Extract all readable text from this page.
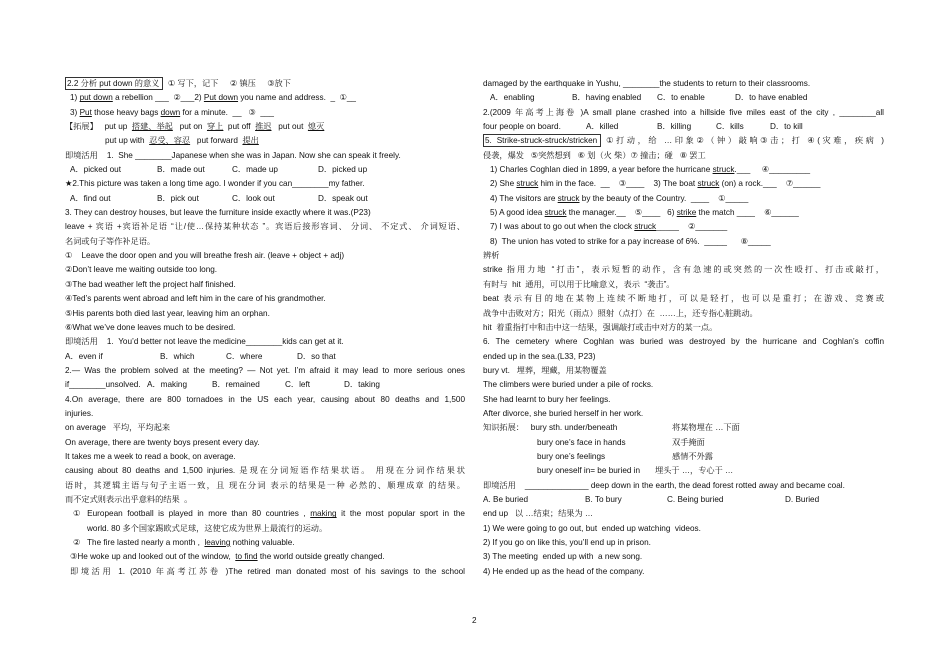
2.2 分析 put down 的意义  ① 写下，记下     ② 镇压     ③放下
1) put down a rebellion ___  ②___2) Put down you name and address.  _  ①__
3) Put those heavy bags down for a minute.  __   ③  ___
【拓展】   put up  搭建、举起   put on  穿上  put off  推迟   put out  熄灭
put up with  忍受、容忍   put forward  提出
即境活用    1.  She ________Japanese when she was in Japan. Now she can speak it freely.
A．picked out	B．made out	C．made up	D．picked up
★2.This picture was taken a long time ago. I wonder if you can________my father.
A．find out	B．pick out	C．look out	D．speak out
3. They can destroy houses, but leave the furniture inside exactly where it was.(P23)
leave + 宾语 +宾语补足语 “让/使…保持某种状态 ”。宾语后接形容词、 分词、 不定式、 介词短语、
名词或句子等作补足语。
①    Leave the door open and you will breathe fresh air. (leave + object + adj)
②Don’t leave me waiting outside too long.
③The bad weather left the project half finished.
④Ted’s parents went abroad and left him in the care of his grandmother.
⑤His parents both died last year, leaving him an orphan.
⑥What we’ve done leaves much to be desired.
即境活用    1.  You’d better not leave the medicine________kids can get at it.
A．even if	B．which	C．where	D．so that
2.— Was the problem solved at the meeting? — Not yet. I’m afraid it may lead to more serious ones
if________unsolved. A．making	B．remained	C．left	D．taking
4.On average, there are 800 tornadoes in the US each year, causing about 80 deaths and 1,500
injuries.
on average   平均，平均起来
On average, there are twenty boys present every day.
It takes me a week to read a book, on average.
causing about 80 deaths and 1,500 injuries. 是现在分词短语作结果状语。 用现在分词作结果状
语时，其逻辑主语与句子主语一致，且 现在分词 表示的结果是一种 必然的、顺理成章 的结果。
而不定式则表示出乎意料的结果  。
① European football is played in more than 80 countries , making it the most popular sport in the
world. 80 多个国家踢欧式足球，这使它成为世界上最流行的运动。
②   The fire lasted nearly a month ,  leaving nothing valuable.
③He woke up and looked out of the window,  to find the world outside greatly changed.
即境活用 1. (2010 年高考江苏卷 )The retired man donated most of his savings to the school
damaged by the earthquake in Yushu, ________the students to return to their classrooms.
A．enabling	B．having enabled C．to enable	D．to have enabled
2.(2009 年高考上海卷 )A small plane crashed into a hillside five miles east of the city , ________all
four people on board.	A．killed	B．killing	C．kills	D．to kill
5. Strike-struck-struck/stricken ①打动，给 …印象②（钟）敲响③击；打 ④(灾难，疾病 )
侵袭，爆发   ⑤突然想到   ⑥ 划（火 柴）⑦ 撞击；碰   ⑧ 罢工
1) Charles Coghlan died in 1899, a year before the hurricane struck.___     ④_________
2) She struck him in the face.  __    ③____    3) The boat struck (on) a rock.___    ⑦______
4) The visitors are struck by the beauty of the Country.  ____    ①_____
5) A good idea struck the manager.__    ⑤____   6) strike the match ____    ⑥______
7) I was about to go out when the clock struck_____    ②_______
8)  The union has voted to strike for a pay increase of 6%.  _____      ⑧_____
辨析
strike 指用力地 “打击”，表示短暂的动作，含有急速的或突然的一次性殴打、打击或敲打，
有时与  hit  通用，可以用于比喻意义，表示  “袭击”。
beat 表示有目的地在某物上连续不断地打，可以是轻打，也可以是重打；在游戏、竞赛或
战争中击败对方；阳光（雨点）照射（点打）在  ……上，还专指心脏跳动。
hit  着重指打中和击中这一结果，强调敲打或击中对方的某一点。
6. The cemetery where Coghlan was buried was destroyed by the hurricane and Coghlan’s coffin
ended up in the sea.(L33, P23)
bury vt.   埋葬，埋藏，用某物覆盖
The climbers were buried under a pile of rocks.
She had learnt to bury her feelings.
After divorce, she buried herself in her work.
知识拓展：   bury sth. under/beneath	将某物埋在 …下面
bury one’s face in hands	双手掩面
bury one’s feelings	感情不外露
bury oneself in= be buried in 埋头于 …，专心于 …
即境活用    ______________ deep down in the earth, the dead forest rotted away and became coal.
A. Be buried	B. To bury	C. Being buried	D. Buried
end up   以 …结束；结果为 …
1) We were going to go out, but  ended up watching  videos.
2) If you go on like this, you’ll end up in prison.
3) The meeting  ended up with  a new song.
4) He ended up as the head of the company.
2
